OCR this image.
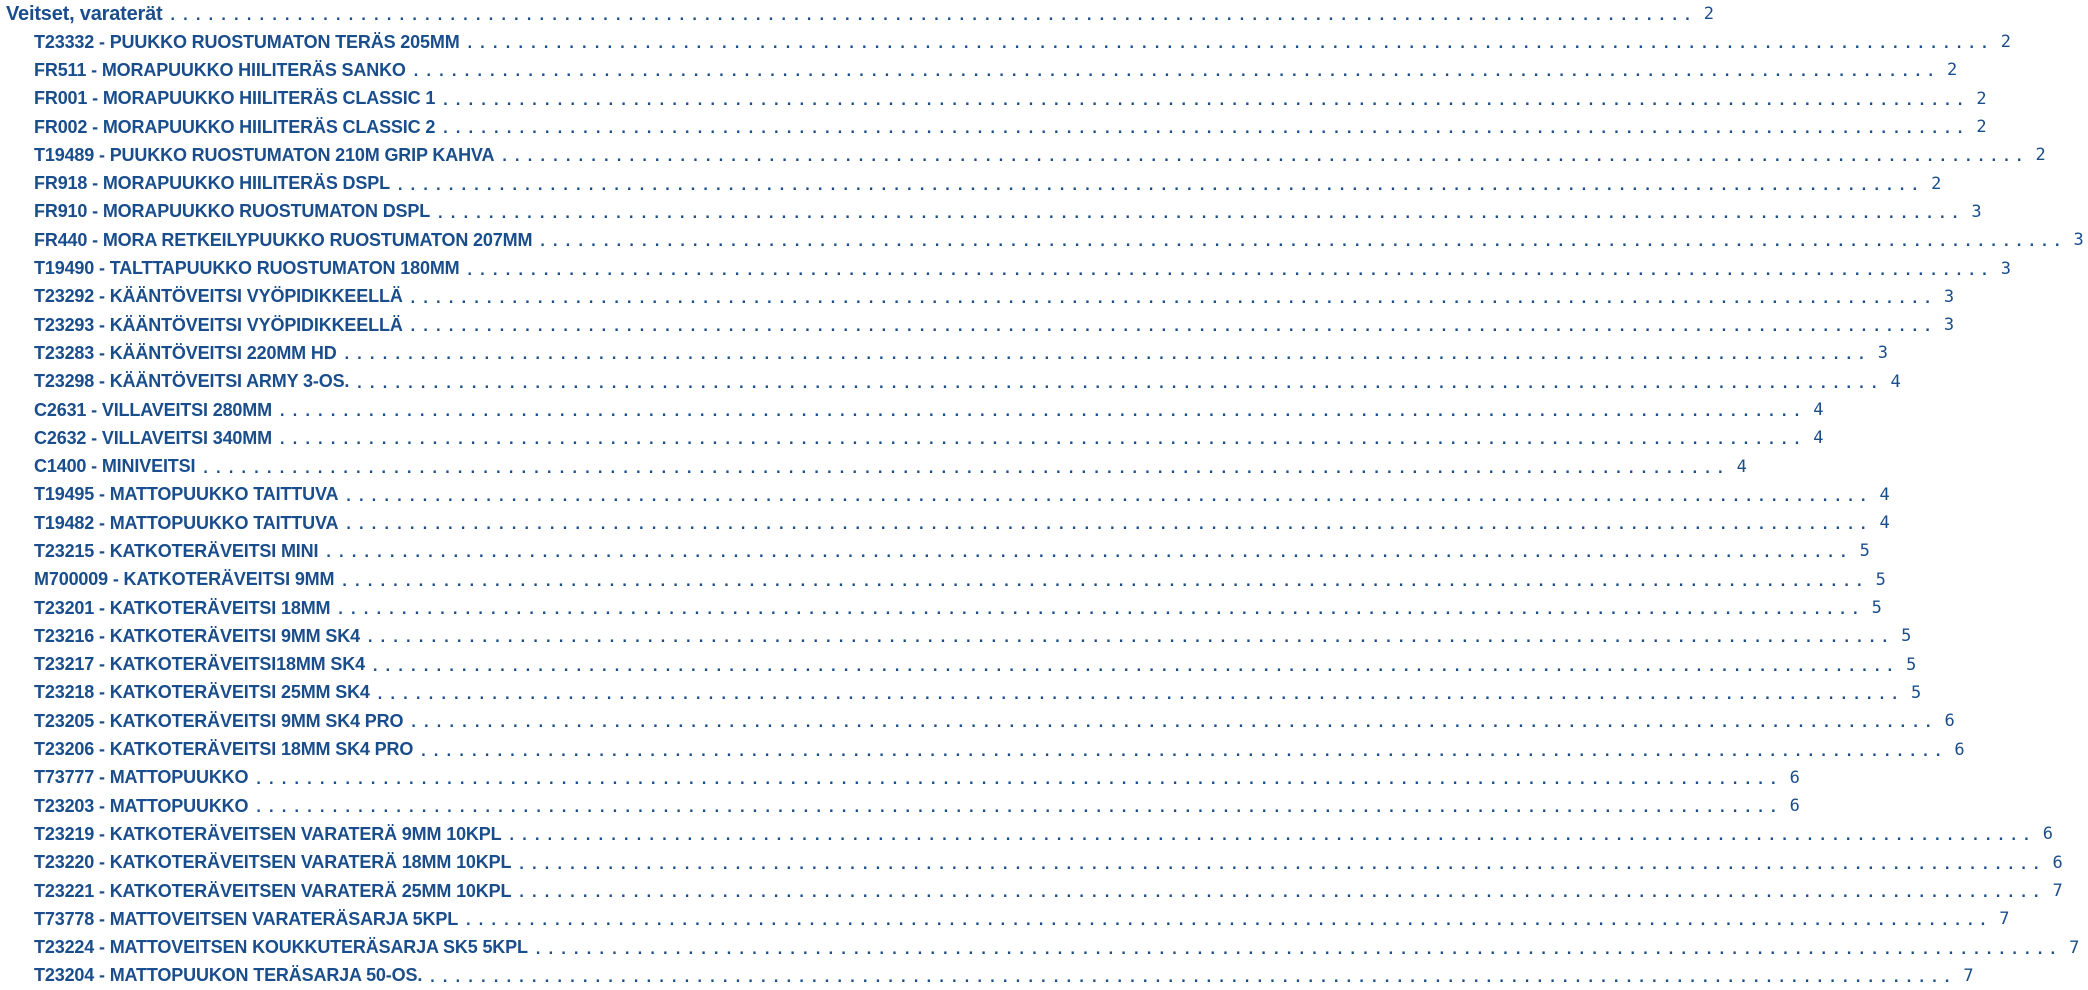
Veitset, varaterät ........................................................................................................................ 2
T23332 - PUUKKO RUOSTUMATON TERÄS 205MM ........................................................................................................................ 2
FR511 - MORAPUUKKO HIILITERÄS SANKO ........................................................................................................................ 2
FR001 - MORAPUUKKO HIILITERÄS CLASSIC 1 ........................................................................................................................ 2
FR002 - MORAPUUKKO HIILITERÄS CLASSIC 2 ........................................................................................................................ 2
T19489 - PUUKKO RUOSTUMATON 210M GRIP KAHVA ........................................................................................................................ 2
FR918 - MORAPUUKKO HIILITERÄS DSPL ........................................................................................................................ 2
FR910 - MORAPUUKKO RUOSTUMATON DSPL ........................................................................................................................ 3
FR440 - MORA RETKEILYPUUKKO RUOSTUMATON 207MM ........................................................................................................................ 3
T19490 - TALTTAPUUKKO RUOSTUMATON 180MM ........................................................................................................................ 3
T23292 - KÄÄNTÖVEITSI VYÖPIDIKKEELLÄ ........................................................................................................................ 3
T23293 - KÄÄNTÖVEITSI VYÖPIDIKKEELLÄ ........................................................................................................................ 3
T23283 - KÄÄNTÖVEITSI 220MM HD ........................................................................................................................ 3
T23298 - KÄÄNTÖVEITSI ARMY 3-OS. ........................................................................................................................ 4
C2631 - VILLAVEITSI 280MM ........................................................................................................................ 4
C2632 - VILLAVEITSI 340MM ........................................................................................................................ 4
C1400 - MINIVEITSI ........................................................................................................................ 4
T19495 - MATTOPUUKKO TAITTUVA ........................................................................................................................ 4
T19482 - MATTOPUUKKO TAITTUVA ........................................................................................................................ 4
T23215 - KATKOTERÄVEITSI MINI ........................................................................................................................ 5
M700009 - KATKOTERÄVEITSI 9MM ........................................................................................................................ 5
T23201 - KATKOTERÄVEITSI 18MM ........................................................................................................................ 5
T23216 - KATKOTERÄVEITSI 9MM SK4 ........................................................................................................................ 5
T23217 - KATKOTERÄVEITSI18MM SK4 ........................................................................................................................ 5
T23218 - KATKOTERÄVEITSI 25MM SK4 ........................................................................................................................ 5
T23205 - KATKOTERÄVEITSI 9MM SK4 PRO ........................................................................................................................ 6
T23206 - KATKOTERÄVEITSI 18MM SK4 PRO ........................................................................................................................ 6
T73777 - MATTOPUUKKO ........................................................................................................................ 6
T23203 - MATTOPUUKKO ........................................................................................................................ 6
T23219 - KATKOTERÄVEITSEN VARATERÄ 9MM 10KPL ........................................................................................................................ 6
T23220 - KATKOTERÄVEITSEN VARATERÄ 18MM 10KPL ........................................................................................................................ 6
T23221 - KATKOTERÄVEITSEN VARATERÄ 25MM 10KPL ........................................................................................................................ 7
T73778 - MATTOVEITSEN VARATERÄSARJA 5KPL ........................................................................................................................ 7
T23224 - MATTOVEITSEN KOUKKUTERÄSARJA SK5 5KPL ........................................................................................................................ 7
T23204 - MATTOPUUKON TERÄSARJA 50-OS. ........................................................................................................................ 7
